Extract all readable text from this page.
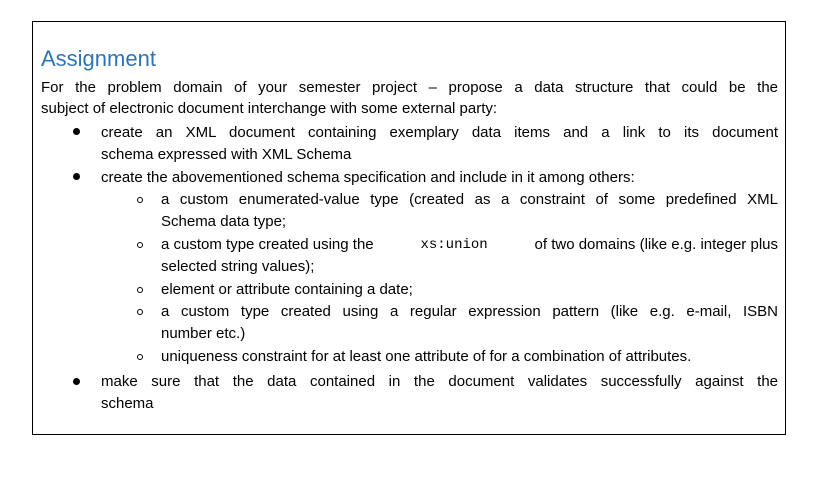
Assignment
For the problem domain of your semester project – propose a data structure that could be the
subject of electronic document interchange with some external party:
create an XML document containing exemplary data items and a link to its document
schema expressed with XML Schema
create the abovementioned schema specification and include in it among others:
a custom enumerated-value type (created as a constraint of some predefined XML
Schema data type;
a custom type created using the	xs:union	of two domains (like e.g. integer plus
selected string values);
element or attribute containing a date;
a custom type created using a regular expression pattern (like e.g. e-mail, ISBN
number etc.)
uniqueness constraint for at least one attribute of for a combination of attributes.
make sure that the data contained in the document validates successfully against the
schema
